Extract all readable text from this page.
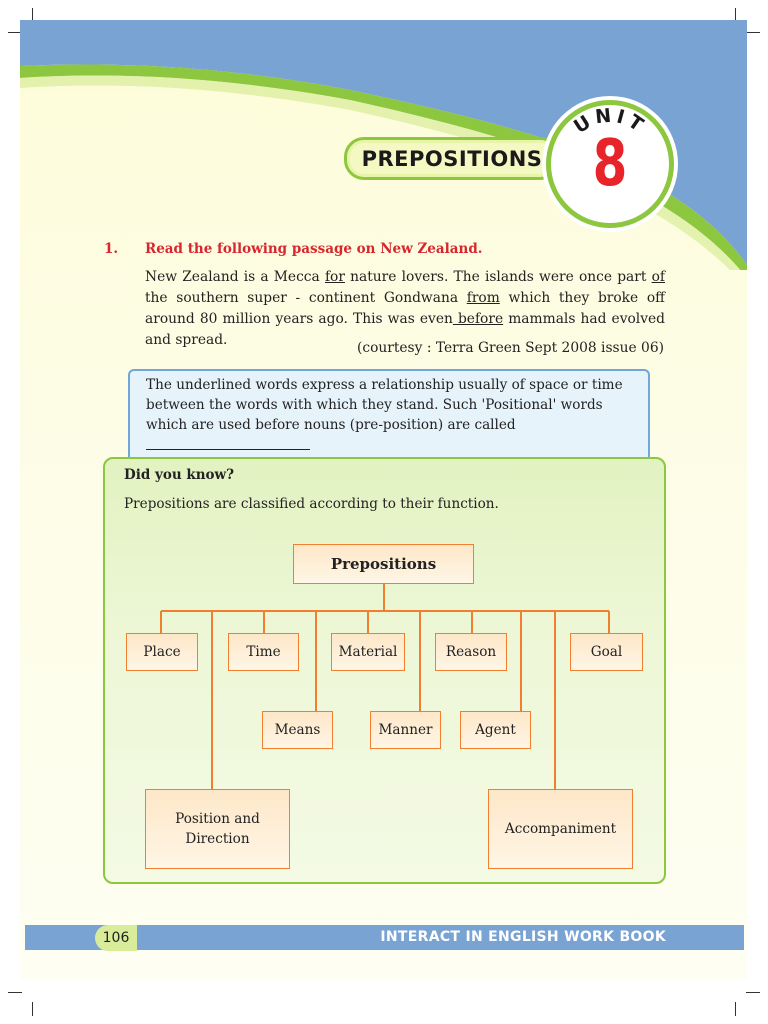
PREPOSITIONS
UNIT
8
1. Read the following passage on New Zealand.
New Zealand is a Mecca for nature lovers. The islands were once part of the southern super - continent Gondwana from which they broke off around 80 million years ago. This was even before mammals had evolved and spread.	(courtesy : Terra Green Sept 2008 issue 06)
The underlined words express a relationship usually of space or time between the words with which they stand. Such 'Positional' words which are used before nouns (pre-position) are called
Did you know?
Prepositions are classified according to their function.
Prepositions
Place	Time	Material	Reason	Goal
Means	Manner	Agent
Position and Direction
Accompaniment
106	INTERACT IN ENGLISH WORK BOOK
